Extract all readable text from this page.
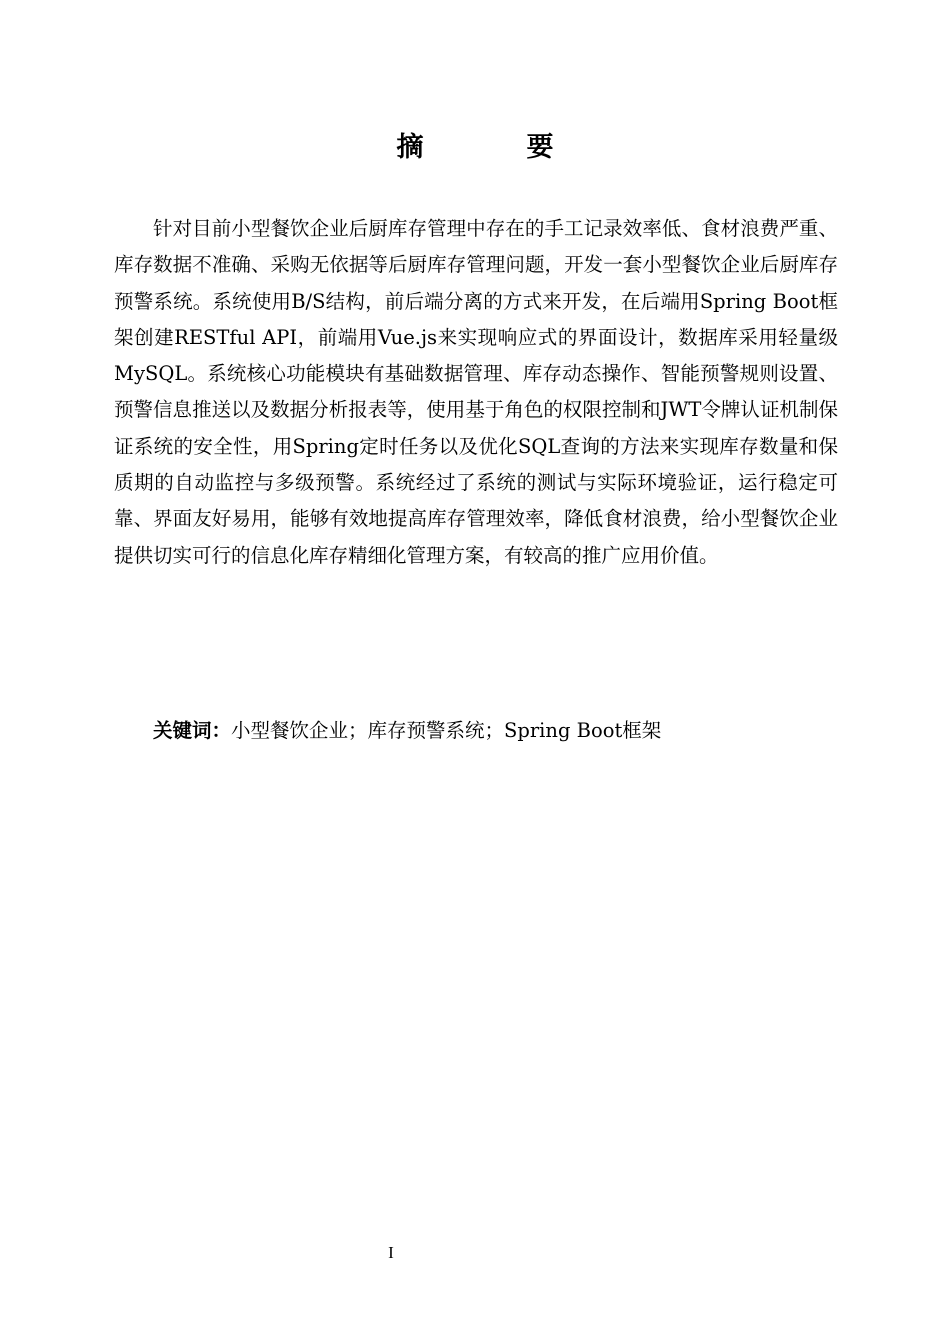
摘　要

针对目前小型餐饮企业后厨库存管理中存在的手工记录效率低、食材浪费严重、库存数据不准确、采购无依据等后厨库存管理问题，开发一套小型餐饮企业后厨库存预警系统。系统使用B/S结构，前后端分离的方式来开发，在后端用Spring Boot框架创建RESTful API，前端用Vue.js来实现响应式的界面设计，数据库采用轻量级MySQL。系统核心功能模块有基础数据管理、库存动态操作、智能预警规则设置、预警信息推送以及数据分析报表等，使用基于角色的权限控制和JWT令牌认证机制保证系统的安全性，用Spring定时任务以及优化SQL查询的方法来实现库存数量和保质期的自动监控与多级预警。系统经过了系统的测试与实际环境验证，运行稳定可靠、界面友好易用，能够有效地提高库存管理效率，降低食材浪费，给小型餐饮企业提供切实可行的信息化库存精细化管理方案，有较高的推广应用价值。

关键词：小型餐饮企业；库存预警系统；Spring Boot框架

I
